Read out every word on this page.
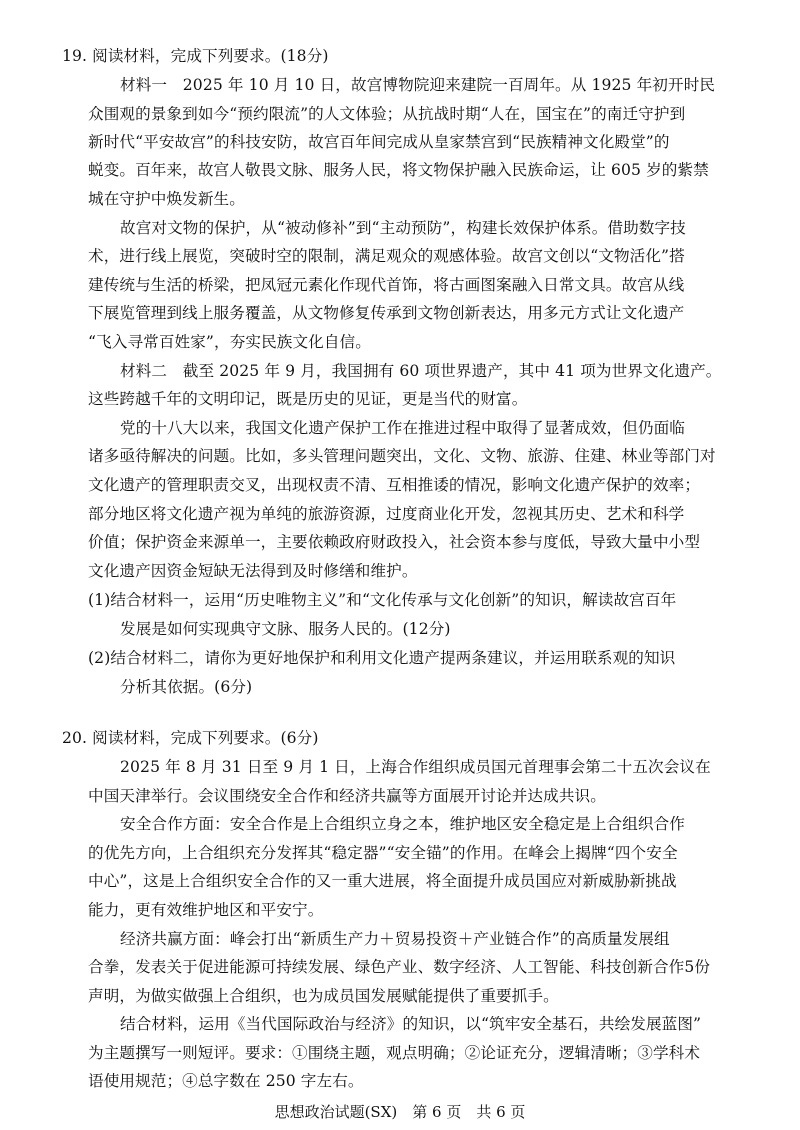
19. 阅读材料，完成下列要求。(18分)
材料一　2025 年 10 月 10 日，故宫博物院迎来建院一百周年。从 1925 年初开时民
众围观的景象到如今“预约限流”的人文体验；从抗战时期“人在，国宝在”的南迁守护到
新时代“平安故宫”的科技安防，故宫百年间完成从皇家禁宫到“民族精神文化殿堂”的
蜕变。百年来，故宫人敬畏文脉、服务人民，将文物保护融入民族命运，让 605 岁的紫禁
城在守护中焕发新生。
故宫对文物的保护，从“被动修补”到“主动预防”，构建长效保护体系。借助数字技
术，进行线上展览，突破时空的限制，满足观众的观感体验。故宫文创以“文物活化”搭
建传统与生活的桥梁，把凤冠元素化作现代首饰，将古画图案融入日常文具。故宫从线
下展览管理到线上服务覆盖，从文物修复传承到文物创新表达，用多元方式让文化遗产
“飞入寻常百姓家”，夯实民族文化自信。
材料二　截至 2025 年 9 月，我国拥有 60 项世界遗产，其中 41 项为世界文化遗产。
这些跨越千年的文明印记，既是历史的见证，更是当代的财富。
党的十八大以来，我国文化遗产保护工作在推进过程中取得了显著成效，但仍面临
诸多亟待解决的问题。比如，多头管理问题突出，文化、文物、旅游、住建、林业等部门对
文化遗产的管理职责交叉，出现权责不清、互相推诿的情况，影响文化遗产保护的效率；
部分地区将文化遗产视为单纯的旅游资源，过度商业化开发，忽视其历史、艺术和科学
价值；保护资金来源单一，主要依赖政府财政投入，社会资本参与度低，导致大量中小型
文化遗产因资金短缺无法得到及时修缮和维护。
(1)结合材料一，运用“历史唯物主义”和“文化传承与文化创新”的知识，解读故宫百年
发展是如何实现典守文脉、服务人民的。(12分)
(2)结合材料二，请你为更好地保护和利用文化遗产提两条建议，并运用联系观的知识
分析其依据。(6分)
20. 阅读材料，完成下列要求。(6分)
2025 年 8 月 31 日至 9 月 1 日，上海合作组织成员国元首理事会第二十五次会议在
中国天津举行。会议围绕安全合作和经济共赢等方面展开讨论并达成共识。
安全合作方面：安全合作是上合组织立身之本，维护地区安全稳定是上合组织合作
的优先方向，上合组织充分发挥其“稳定器”“安全锚”的作用。在峰会上揭牌“四个安全
中心”，这是上合组织安全合作的又一重大进展，将全面提升成员国应对新威胁新挑战
能力，更有效维护地区和平安宁。
经济共赢方面：峰会打出“新质生产力＋贸易投资＋产业链合作”的高质量发展组
合拳，发表关于促进能源可持续发展、绿色产业、数字经济、人工智能、科技创新合作5份
声明，为做实做强上合组织，也为成员国发展赋能提供了重要抓手。
结合材料，运用《当代国际政治与经济》的知识，以“筑牢安全基石，共绘发展蓝图”
为主题撰写一则短评。要求：①围绕主题，观点明确；②论证充分，逻辑清晰；③学科术
语使用规范；④总字数在 250 字左右。
思想政治试题(SX)　第 6 页　共 6 页
